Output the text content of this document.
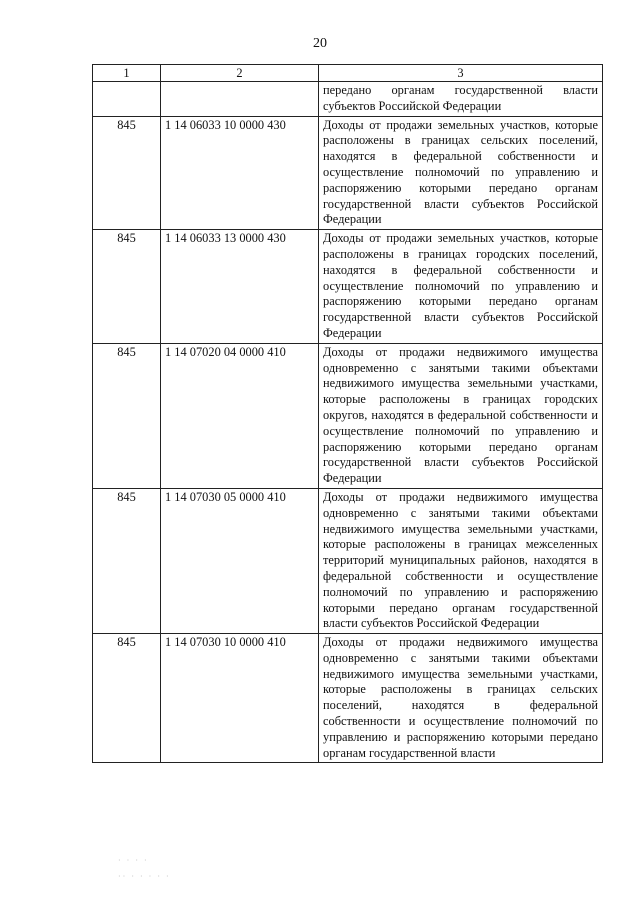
20
1	2	3
		передано органам государственной власти субъектов Российской Федерации
845	1 14 06033 10 0000 430	Доходы от продажи земельных участков, которые расположены в границах сельских поселений, находятся в федеральной собственности и осуществление полномочий по управлению и распоряжению которыми передано органам государственной власти субъектов Российской Федерации
845	1 14 06033 13 0000 430	Доходы от продажи земельных участков, которые расположены в границах городских поселений, находятся в федеральной собственности и осуществление полномочий по управлению и распоряжению которыми передано органам государственной власти субъектов Российской Федерации
845	1 14 07020 04 0000 410	Доходы от продажи недвижимого имущества одновременно с занятыми такими объектами недвижимого имущества земельными участками, которые расположены в границах городских округов, находятся в федеральной собственности и осуществление полномочий по управлению и распоряжению которыми передано органам государственной власти субъектов Российской Федерации
845	1 14 07030 05 0000 410	Доходы от продажи недвижимого имущества одновременно с занятыми такими объектами недвижимого имущества земельными участками, которые расположены в границах межселенных территорий муниципальных районов, находятся в федеральной собственности и осуществление полномочий по управлению и распоряжению которыми передано органам государственной власти субъектов Российской Федерации
845	1 14 07030 10 0000 410	Доходы от продажи недвижимого имущества одновременно с занятыми такими объектами недвижимого имущества земельными участками, которые расположены в границах сельских поселений, находятся в федеральной собственности и осуществление полномочий по управлению и распоряжению которыми передано органам государственной власти
· · · ·
·· · · · · ·
